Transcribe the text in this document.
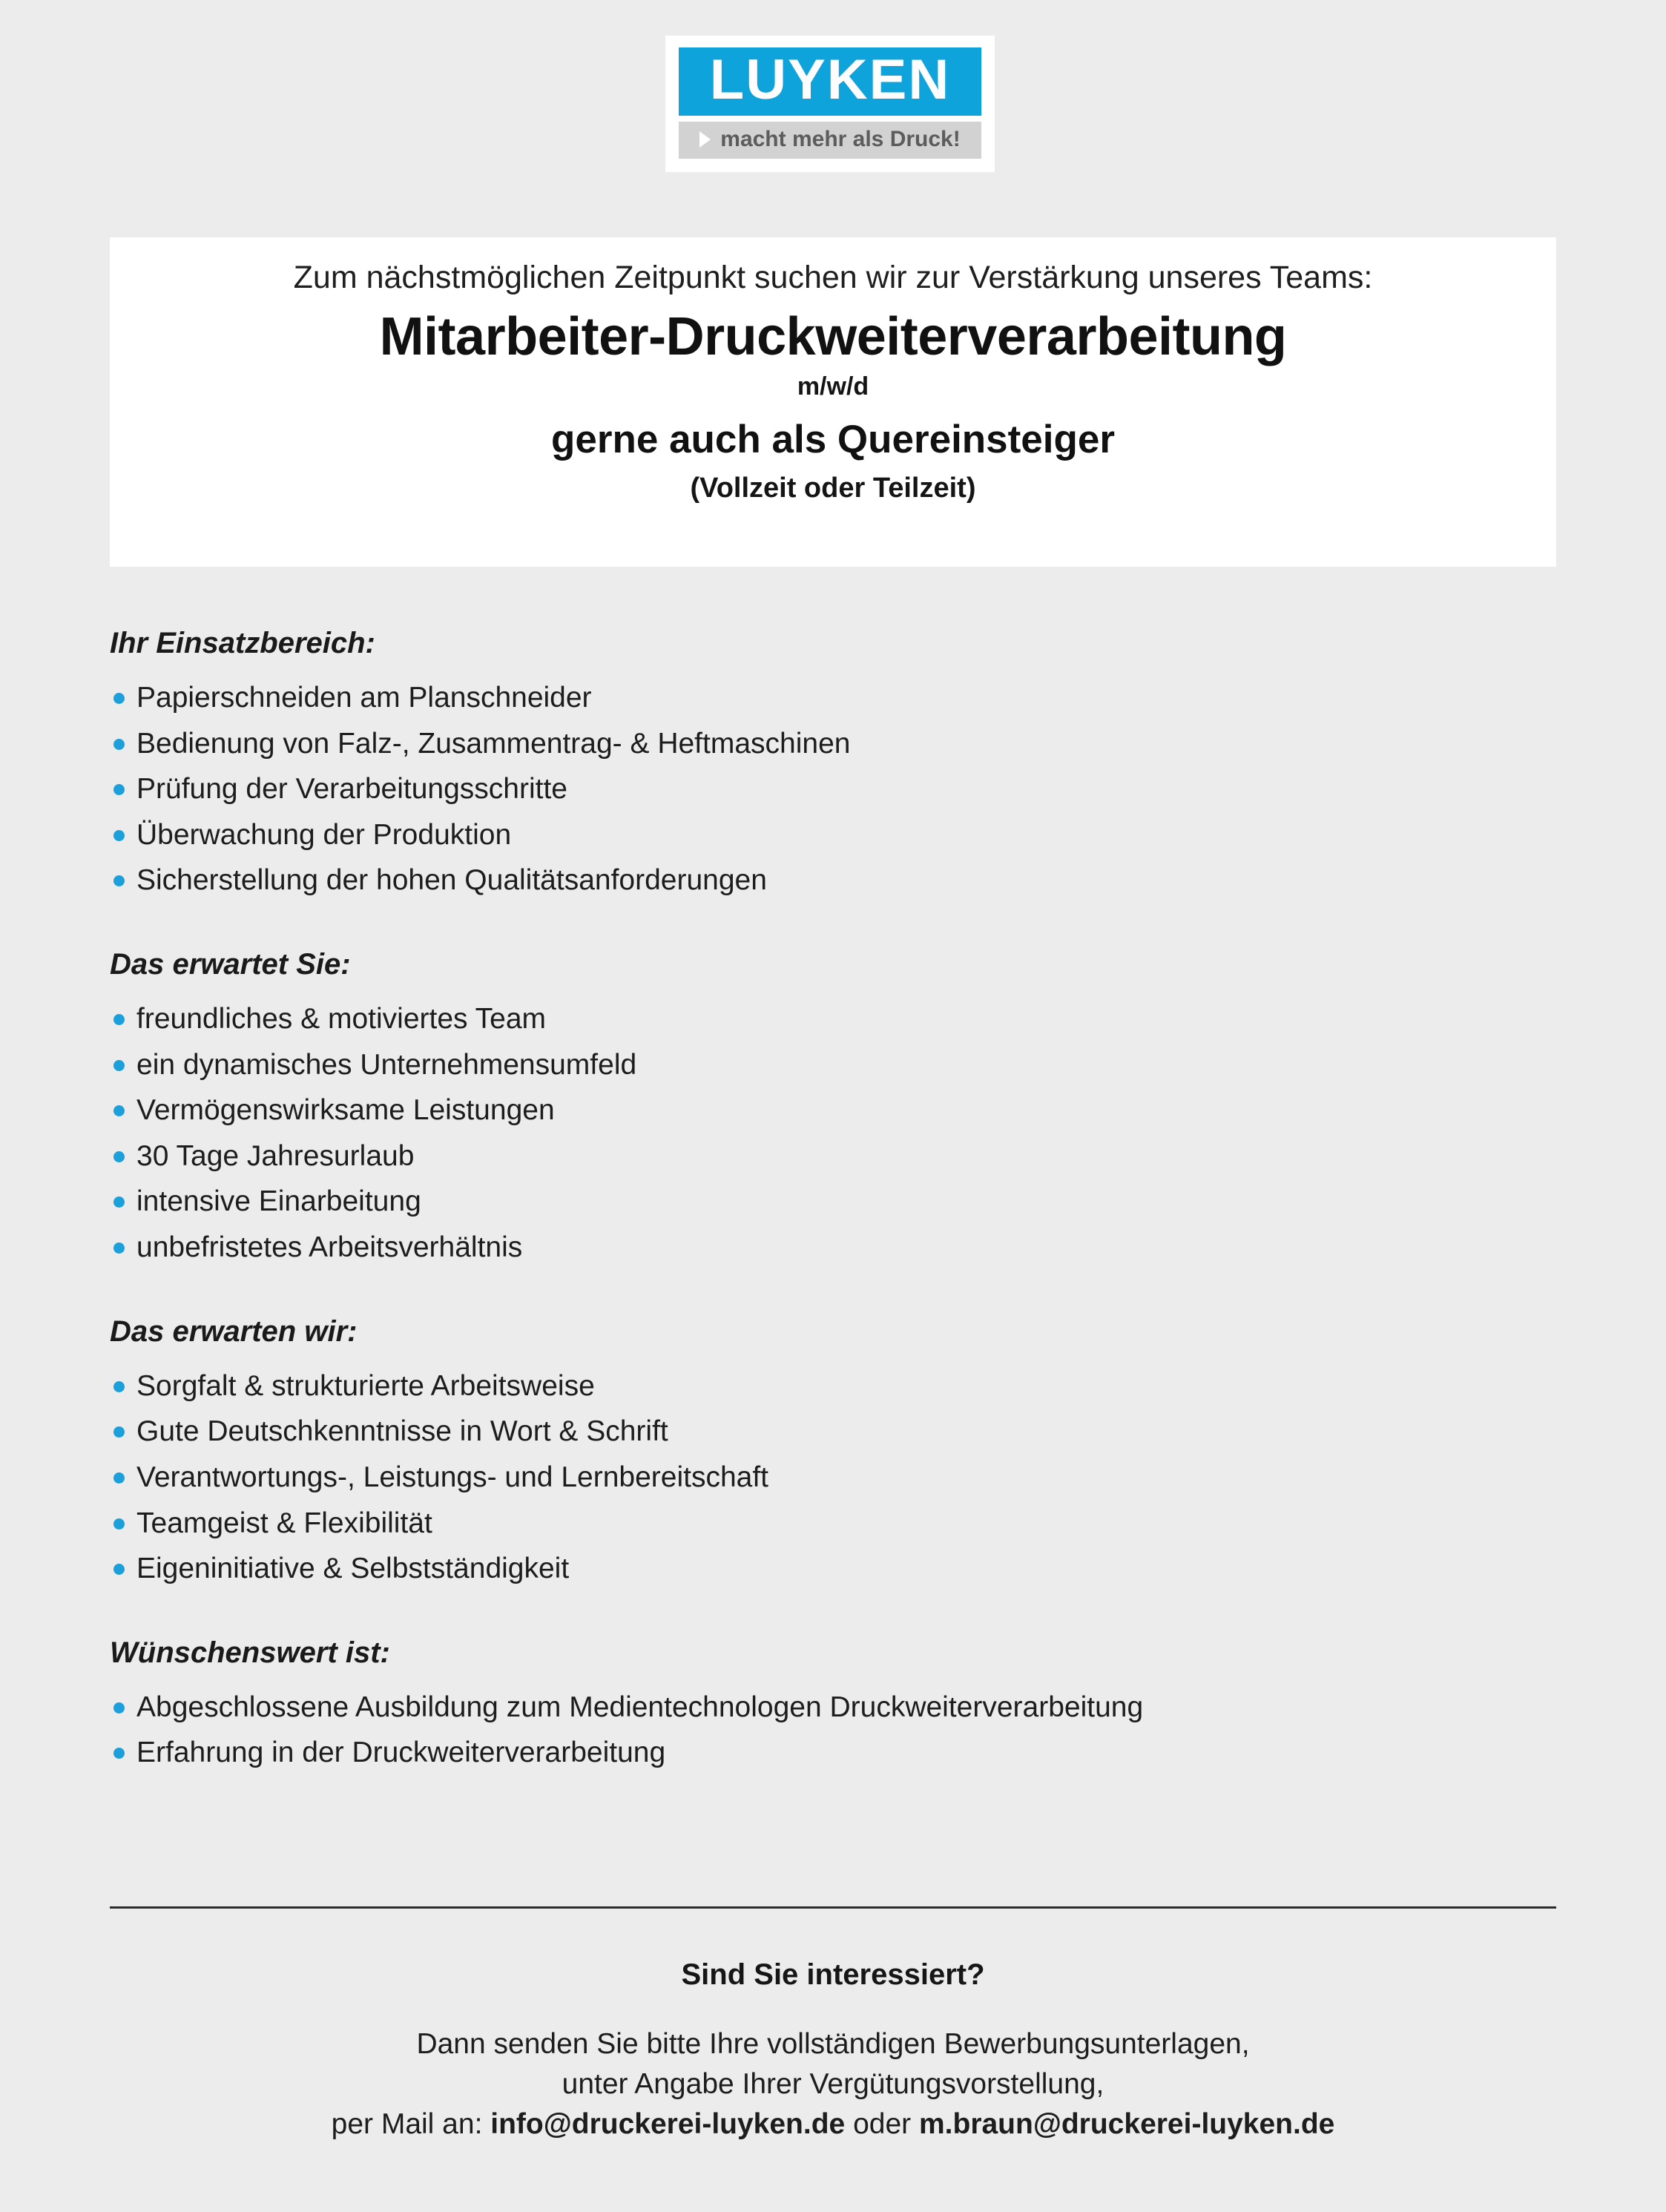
LUYKEN
macht mehr als Druck!
Zum nächstmöglichen Zeitpunkt suchen wir zur Verstärkung unseres Teams:
Mitarbeiter-Druckweiterverarbeitung
m/w/d
gerne auch als Quereinsteiger
(Vollzeit oder Teilzeit)
Ihr Einsatzbereich:
Papierschneiden am Planschneider
Bedienung von Falz-, Zusammentrag- & Heftmaschinen
Prüfung der Verarbeitungsschritte
Überwachung der Produktion
Sicherstellung der hohen Qualitätsanforderungen
Das erwartet Sie:
freundliches & motiviertes Team
ein dynamisches Unternehmensumfeld
Vermögenswirksame Leistungen
30 Tage Jahresurlaub
intensive Einarbeitung
unbefristetes Arbeitsverhältnis
Das erwarten wir:
Sorgfalt & strukturierte Arbeitsweise
Gute Deutschkenntnisse in Wort & Schrift
Verantwortungs-, Leistungs- und Lernbereitschaft
Teamgeist & Flexibilität
Eigeninitiative & Selbstständigkeit
Wünschenswert ist:
Abgeschlossene Ausbildung zum Medientechnologen Druckweiterverarbeitung
Erfahrung in der Druckweiterverarbeitung
Sind Sie interessiert?
Dann senden Sie bitte Ihre vollständigen Bewerbungsunterlagen,
unter Angabe Ihrer Vergütungsvorstellung,
per Mail an: info@druckerei-luyken.de oder m.braun@druckerei-luyken.de
